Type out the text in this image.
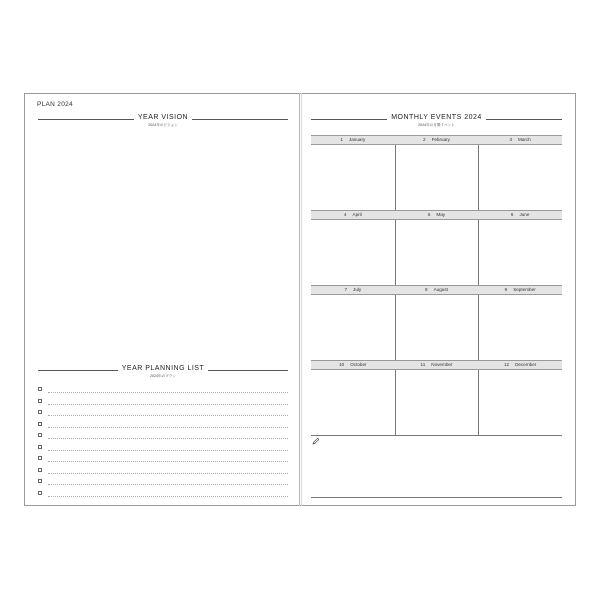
PLAN 2024
YEAR VISION
2024年のビジョン
YEAR PLANNING LIST
2024年のプラン
MONTHLY EVENTS 2024
2024年の月間イベント
1 January	2 February	3 March
4 April	5 May	6 June
7 July	8 August	9 September
10 October	11 November	12 December
